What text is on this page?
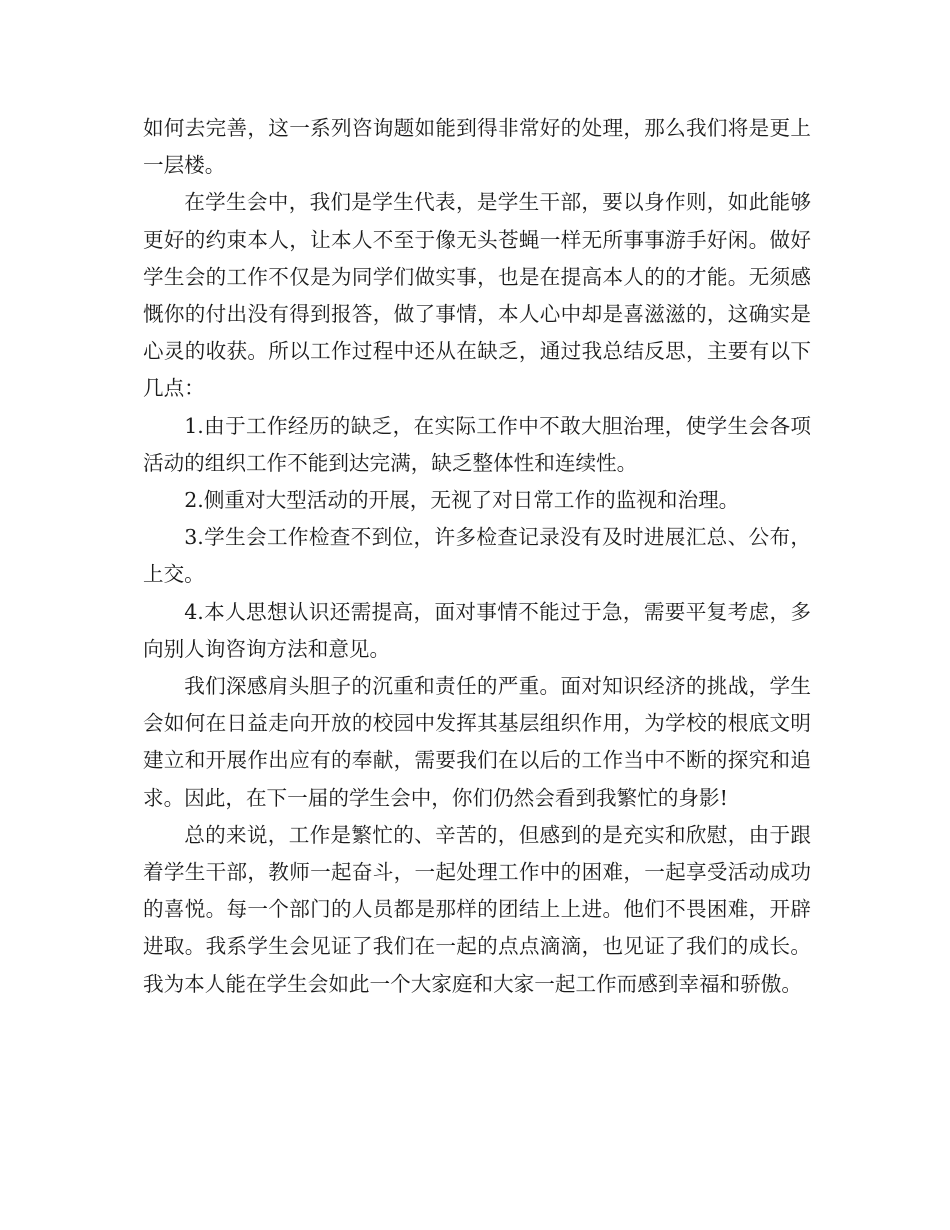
如何去完善，这一系列咨询题如能到得非常好的处理，那么我们将是更上一层楼。

在学生会中，我们是学生代表，是学生干部，要以身作则，如此能够更好的约束本人，让本人不至于像无头苍蝇一样无所事事游手好闲。做好学生会的工作不仅是为同学们做实事，也是在提高本人的的才能。无须感慨你的付出没有得到报答，做了事情，本人心中却是喜滋滋的，这确实是心灵的收获。所以工作过程中还从在缺乏，通过我总结反思，主要有以下几点：

1.由于工作经历的缺乏，在实际工作中不敢大胆治理，使学生会各项活动的组织工作不能到达完满，缺乏整体性和连续性。

2.侧重对大型活动的开展，无视了对日常工作的监视和治理。

3.学生会工作检查不到位，许多检查记录没有及时进展汇总、公布，上交。

4.本人思想认识还需提高，面对事情不能过于急，需要平复考虑，多向别人询咨询方法和意见。

我们深感肩头胆子的沉重和责任的严重。面对知识经济的挑战，学生会如何在日益走向开放的校园中发挥其基层组织作用，为学校的根底文明建立和开展作出应有的奉献，需要我们在以后的工作当中不断的探究和追求。因此，在下一届的学生会中，你们仍然会看到我繁忙的身影!

总的来说，工作是繁忙的、辛苦的，但感到的是充实和欣慰，由于跟着学生干部，教师一起奋斗，一起处理工作中的困难，一起享受活动成功的喜悦。每一个部门的人员都是那样的团结上上进。他们不畏困难，开辟进取。我系学生会见证了我们在一起的点点滴滴，也见证了我们的成长。我为本人能在学生会如此一个大家庭和大家一起工作而感到幸福和骄傲。
